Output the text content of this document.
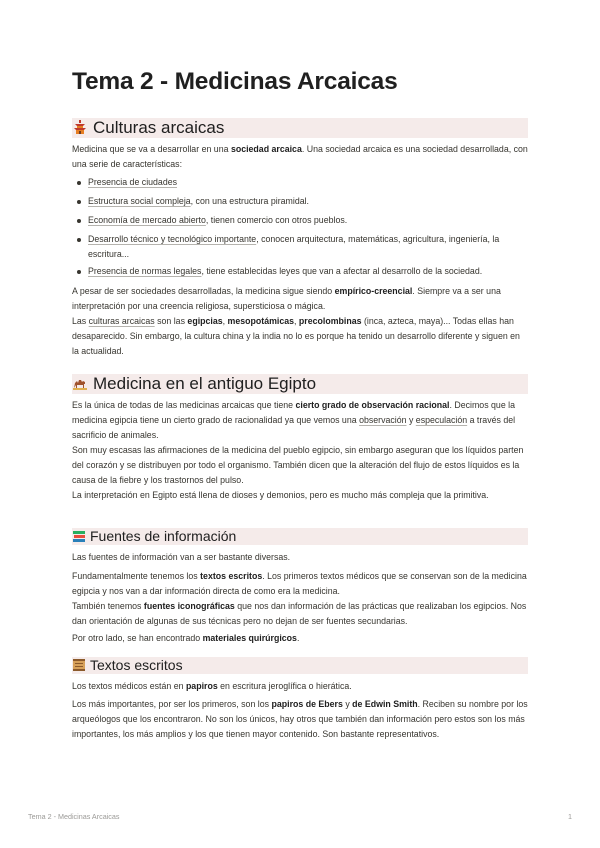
Tema 2 - Medicinas Arcaicas
Culturas arcaicas
Medicina que se va a desarrollar en una sociedad arcaica. Una sociedad arcaica es una sociedad desarrollada, con una serie de características:
Presencia de ciudades
Estructura social compleja, con una estructura piramidal.
Economía de mercado abierto, tienen comercio con otros pueblos.
Desarrollo técnico y tecnológico importante, conocen arquitectura, matemáticas, agricultura, ingeniería, la escritura...
Presencia de normas legales, tiene establecidas leyes que van a afectar al desarrollo de la sociedad.
A pesar de ser sociedades desarrolladas, la medicina sigue siendo empírico-creencial. Siempre va a ser una interpretación por una creencia religiosa, supersticiosa o mágica.
Las culturas arcaicas son las egipcias, mesopotámicas, precolombinas (inca, azteca, maya)... Todas ellas han desaparecido. Sin embargo, la cultura china y la india no lo es porque ha tenido un desarrollo diferente y siguen en la actualidad.
Medicina en el antiguo Egipto
Es la única de todas de las medicinas arcaicas que tiene cierto grado de observación racional. Decimos que la medicina egipcia tiene un cierto grado de racionalidad ya que vemos una observación y especulación a través del sacrificio de animales.
Son muy escasas las afirmaciones de la medicina del pueblo egipcio, sin embargo aseguran que los líquidos parten del corazón y se distribuyen por todo el organismo. También dicen que la alteración del flujo de estos líquidos es la causa de la fiebre y los trastornos del pulso.
La interpretación en Egipto está llena de dioses y demonios, pero es mucho más compleja que la primitiva.
Fuentes de información
Las fuentes de información van a ser bastante diversas.
Fundamentalmente tenemos los textos escritos. Los primeros textos médicos que se conservan son de la medicina egipcia y nos van a dar información directa de como era la medicina.
También tenemos fuentes iconográficas que nos dan información de las prácticas que realizaban los egipcios. Nos dan orientación de algunas de sus técnicas pero no dejan de ser fuentes secundarias.
Por otro lado, se han encontrado materiales quirúrgicos.
Textos escritos
Los textos médicos están en papiros en escritura jeroglífica o hierática.
Los más importantes, por ser los primeros, son los papiros de Ebers y de Edwin Smith. Reciben su nombre por los arqueólogos que los encontraron. No son los únicos, hay otros que también dan información pero estos son los más importantes, los más amplios y los que tienen mayor contenido. Son bastante representativos.
Tema 2 - Medicinas Arcaicas	1
